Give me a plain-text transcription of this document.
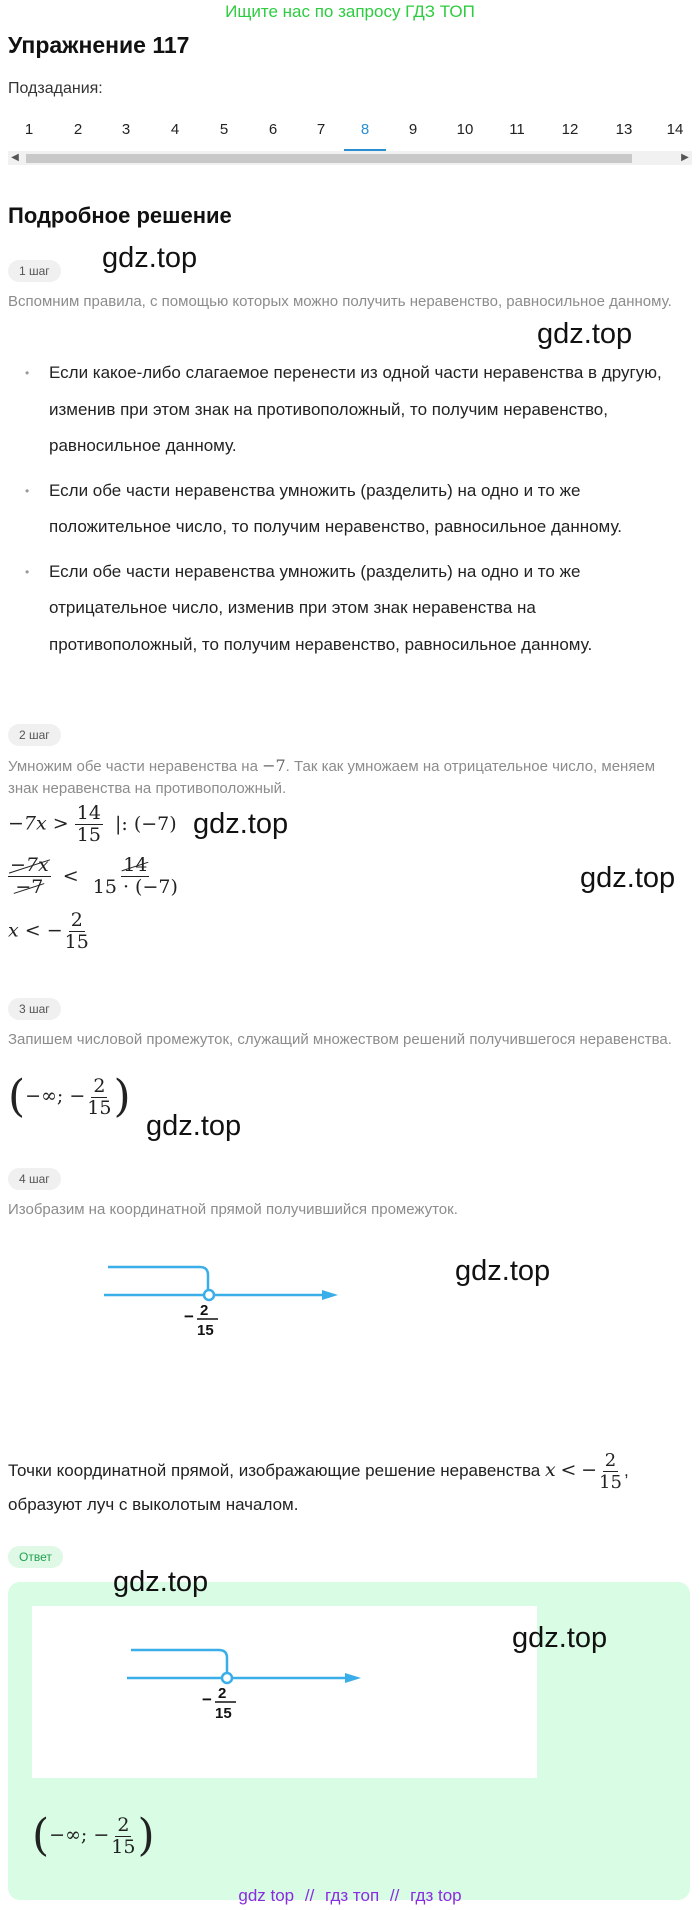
Ищите нас по запросу ГДЗ ТОП
Упражнение 117
Подзадания:
1	2	3	4	5	6	7	8	9	10	11	12	13	14
◀	▶
Подробное решение
1 шаг	gdz.top
Вспомним правила, с помощью которых можно получить неравенство, равносильное данному.
gdz.top
• Если какое-либо слагаемое перенести из одной части неравенства в другую, изменив при этом знак на противоположный, то получим неравенство, равносильное данному.
• Если обе части неравенства умножить (разделить) на одно и то же положительное число, то получим неравенство, равносильное данному.
• Если обе части неравенства умножить (разделить) на одно и то же отрицательное число, изменив при этом знак неравенства на противоположный, то получим неравенство, равносильное данному.
2 шаг
Умножим обе части неравенства на −7. Так как умножаем на отрицательное число, меняем знак неравенства на противоположный.
$-7x > \frac{14}{15}$ |: (−7) gdz.top
gdz.top
$\frac{-7x}{-7} < \frac{14}{15 \cdot (-7)}$
x < − $\frac{2}{15}$
3 шаг
Запишем числовой промежуток, служащий множеством решений получившегося неравенства.
(−∞; − $\frac{2}{15}$ )
gdz.top
4 шаг
Изобразим на координатной прямой получившийся промежуток.
gdz.top
− 2
15
Точки координатной прямой, изображающие решение неравенства x < − $\frac{2}{15}$ ,
образуют луч с выколотым началом.
Ответ
− 2
15
(−∞; − $\frac{2}{15}$ )
gdz.top
gdz.top
gdz top // гдз топ // гдз top
